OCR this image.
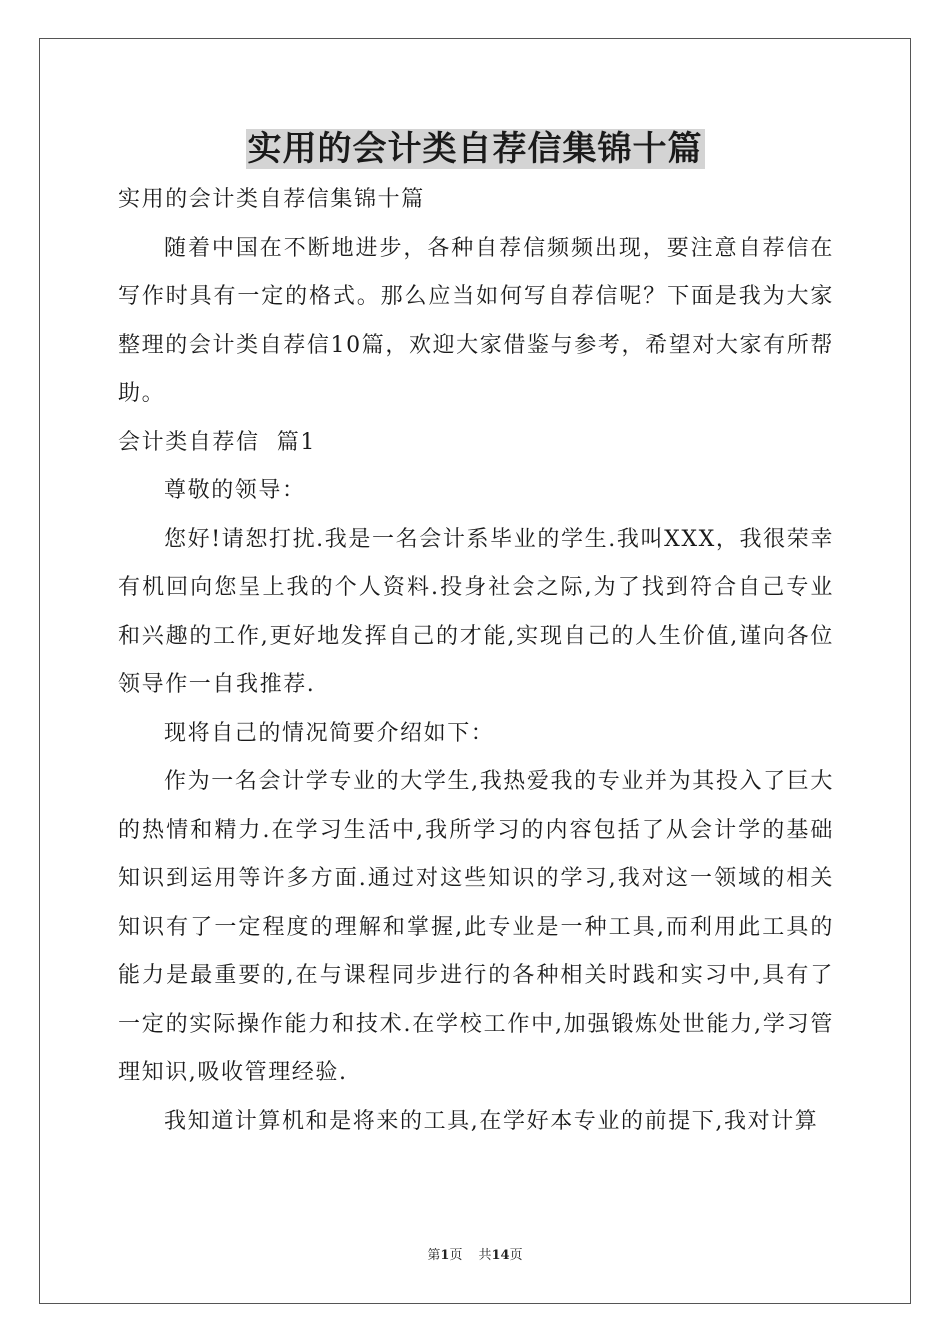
实用的会计类自荐信集锦十篇

实用的会计类自荐信集锦十篇

随着中国在不断地进步，各种自荐信频频出现，要注意自荐信在写作时具有一定的格式。那么应当如何写自荐信呢？下面是我为大家整理的会计类自荐信10篇，欢迎大家借鉴与参考，希望对大家有所帮助。

会计类自荐信  篇1

尊敬的领导：

您好!请恕打扰.我是一名会计系毕业的学生.我叫XXX，我很荣幸有机回向您呈上我的个人资料.投身社会之际,为了找到符合自己专业和兴趣的工作,更好地发挥自己的才能,实现自己的人生价值,谨向各位领导作一自我推荐.

现将自己的情况简要介绍如下：

作为一名会计学专业的大学生,我热爱我的专业并为其投入了巨大的热情和精力.在学习生活中,我所学习的内容包括了从会计学的基础知识到运用等许多方面.通过对这些知识的学习,我对这一领域的相关知识有了一定程度的理解和掌握,此专业是一种工具,而利用此工具的能力是最重要的,在与课程同步进行的各种相关时践和实习中,具有了一定的实际操作能力和技术.在学校工作中,加强锻炼处世能力,学习管理知识,吸收管理经验.

我知道计算机和是将来的工具,在学好本专业的前提下,我对计算

第1页 共14页
